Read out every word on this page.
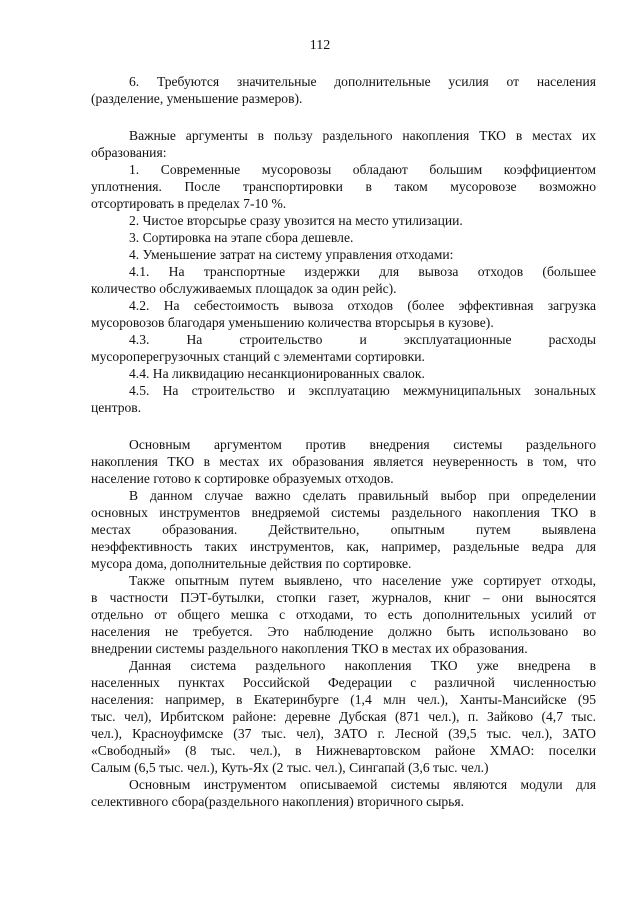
112
6. Требуются значительные дополнительные усилия от населения
(разделение, уменьшение размеров).
Важные аргументы в пользу раздельного накопления ТКО в местах их
образования:
1. Современные мусоровозы обладают большим коэффициентом
уплотнения. После транспортировки в таком мусоровозе возможно
отсортировать в пределах 7-10 %.
2. Чистое вторсырье сразу увозится на место утилизации.
3. Сортировка на этапе сбора дешевле.
4. Уменьшение затрат на систему управления отходами:
4.1. На транспортные издержки для вывоза отходов (большее
количество обслуживаемых площадок за один рейс).
4.2. На себестоимость вывоза отходов (более эффективная загрузка
мусоровозов благодаря уменьшению количества вторсырья в кузове).
4.3. На строительство и эксплуатационные расходы
мусороперегрузочных станций с элементами сортировки.
4.4. На ликвидацию несанкционированных свалок.
4.5. На строительство и эксплуатацию межмуниципальных зональных
центров.
Основным аргументом против внедрения системы раздельного
накопления ТКО в местах их образования является неуверенность в том, что
население готово к сортировке образуемых отходов.
В данном случае важно сделать правильный выбор при определении
основных инструментов внедряемой системы раздельного накопления ТКО в
местах образования. Действительно, опытным путем выявлена
неэффективность таких инструментов, как, например, раздельные ведра для
мусора дома, дополнительные действия по сортировке.
Также опытным путем выявлено, что население уже сортирует отходы,
в частности ПЭТ-бутылки, стопки газет, журналов, книг – они выносятся
отдельно от общего мешка с отходами, то есть дополнительных усилий от
населения не требуется. Это наблюдение должно быть использовано во
внедрении системы раздельного накопления ТКО в местах их образования.
Данная система раздельного накопления ТКО уже внедрена в
населенных пунктах Российской Федерации с различной численностью
населения: например, в Екатеринбурге (1,4 млн чел.), Ханты-Мансийске (95
тыс. чел), Ирбитском районе: деревне Дубская (871 чел.), п. Зайково (4,7 тыс.
чел.), Красноуфимске (37 тыс. чел), ЗАТО г. Лесной (39,5 тыс. чел.), ЗАТО
«Свободный» (8 тыс. чел.), в Нижневартовском районе ХМАО: поселки
Салым (6,5 тыс. чел.), Куть-Ях (2 тыс. чел.), Сингапай (3,6 тыс. чел.)
Основным инструментом описываемой системы являются модули для
селективного сбора(раздельного накопления) вторичного сырья.
